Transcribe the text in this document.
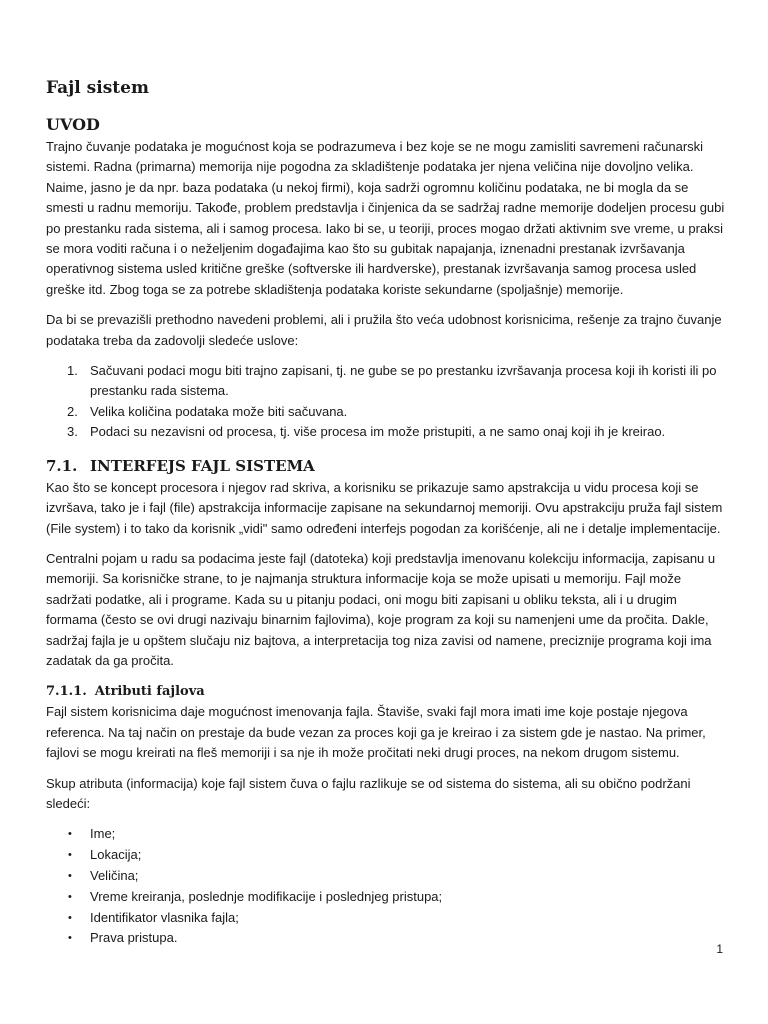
Fajl sistem
UVOD

Trajno čuvanje podataka je mogućnost koja se podrazumeva i bez koje se ne mogu zamisliti savremeni računarski sistemi. Radna (primarna) memorija nije pogodna za skladištenje podataka jer njena veličina nije dovoljno velika. Naime, jasno je da npr. baza podataka (u nekoj firmi), koja sadrži ogromnu količinu podataka, ne bi mogla da se smesti u radnu memoriju. Takođe, problem predstavlja i činjenica da se sadržaj radne memorije dodeljen procesu gubi po prestanku rada sistema, ali i samog procesa. Iako bi se, u teoriji, proces mogao držati aktivnim sve vreme, u praksi se mora voditi računa i o neželjenim događajima kao što su gubitak napajanja, iznenadni prestanak izvršavanja operativnog sistema usled kritične greške (softverske ili hardverske), prestanak izvršavanja samog procesa usled greške itd. Zbog toga se za potrebe skladištenja podataka koriste sekundarne (spoljašnje) memorije.

Da bi se prevazišli prethodno navedeni problemi, ali i pružila što veća udobnost korisnicima, rešenje za trajno čuvanje podataka treba da zadovolji sledeće uslove:

1. Sačuvani podaci mogu biti trajno zapisani, tj. ne gube se po prestanku izvršavanja procesa koji ih koristi ili po prestanku rada sistema.
2. Velika količina podataka može biti sačuvana.
3. Podaci su nezavisni od procesa, tj. više procesa im može pristupiti, a ne samo onaj koji ih je kreirao.
7.1. INTERFEJS FAJL SISTEMA

Kao što se koncept procesora i njegov rad skriva, a korisniku se prikazuje samo apstrakcija u vidu procesa koji se izvršava, tako je i fajl (file) apstrakcija informacije zapisane na sekundarnoj memoriji. Ovu apstrakciju pruža fajl sistem (File system) i to tako da korisnik „vidi" samo određeni interfejs pogodan za korišćenje, ali ne i detalje implementacije.

Centralni pojam u radu sa podacima jeste fajl (datoteka) koji predstavlja imenovanu kolekciju informacija, zapisanu u memoriji. Sa korisničke strane, to je najmanja struktura informacije koja se može upisati u memoriju. Fajl može sadržati podatke, ali i programe. Kada su u pitanju podaci, oni mogu biti zapisani u obliku teksta, ali i u drugim formama (često se ovi drugi nazivaju binarnim fajlovima), koje program za koji su namenjeni ume da pročita. Dakle, sadržaj fajla je u opštem slučaju niz bajtova, a interpretacija tog niza zavisi od namene, preciznije programa koji ima zadatak da ga pročita.

7.1.1. Atributi fajlova

Fajl sistem korisnicima daje mogućnost imenovanja fajla. Štaviše, svaki fajl mora imati ime koje postaje njegova referenca. Na taj način on prestaje da bude vezan za proces koji ga je kreirao i za sistem gde je nastao. Na primer, fajlovi se mogu kreirati na fleš memoriji i sa nje ih može pročitati neki drugi proces, na nekom drugom sistemu.

Skup atributa (informacija) koje fajl sistem čuva o fajlu razlikuje se od sistema do sistema, ali su obično podržani sledeći:

•	Ime;
•	Lokacija;
•	Veličina;
•	Vreme kreiranja, poslednje modifikacije i poslednjeg pristupa;
•	Identifikator vlasnika fajla;
•	Prava pristupa.
1
